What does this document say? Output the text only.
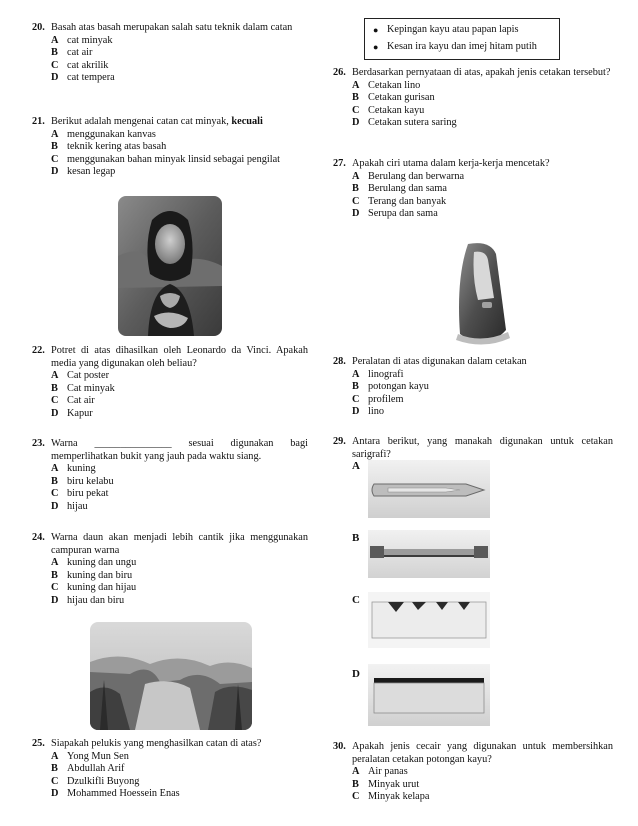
20. Basah atas basah merupakan salah satu teknik dalam catan
A cat minyak
B cat air
C cat akrilik
D cat tempera
21. Berikut adalah mengenai catan cat minyak, kecuali
A menggunakan kanvas
B teknik kering atas basah
C menggunakan bahan minyak linsid sebagai pengilat
D kesan legap
22. Potret di atas dihasilkan oleh Leonardo da Vinci. Apakah media yang digunakan oleh beliau?
A Cat poster
B Cat minyak
C Cat air
D Kapur
23. Warna _______________ sesuai digunakan bagi memperlihatkan bukit yang jauh pada waktu siang.
A kuning
B biru kelabu
C biru pekat
D hijau
24. Warna daun akan menjadi lebih cantik jika menggunakan campuran warna
A kuning dan ungu
B kuning dan biru
C kuning dan hijau
D hijau dan biru
25. Siapakah pelukis yang menghasilkan catan di atas?
A Yong Mun Sen
B Abdullah Arif
C Dzulkifli Buyong
D Mohammed Hoessein Enas
● Kepingan kayu atau papan lapis
● Kesan ira kayu dan imej hitam putih
26. Berdasarkan pernyataan di atas, apakah jenis cetakan tersebut?
A Cetakan lino
B Cetakan gurisan
C Cetakan kayu
D Cetakan sutera saring
27. Apakah ciri utama dalam kerja-kerja mencetak?
A Berulang dan berwarna
B Berulang dan sama
C Terang dan banyak
D Serupa dan sama
28. Peralatan di atas digunakan dalam cetakan
A linografi
B potongan kayu
C profilem
D lino
29. Antara berikut, yang manakah digunakan untuk cetakan sarigrafi?
A
B
C
D
30. Apakah jenis cecair yang digunakan untuk membersihkan peralatan cetakan potongan kayu?
A Air panas
B Minyak urut
C Minyak kelapa
